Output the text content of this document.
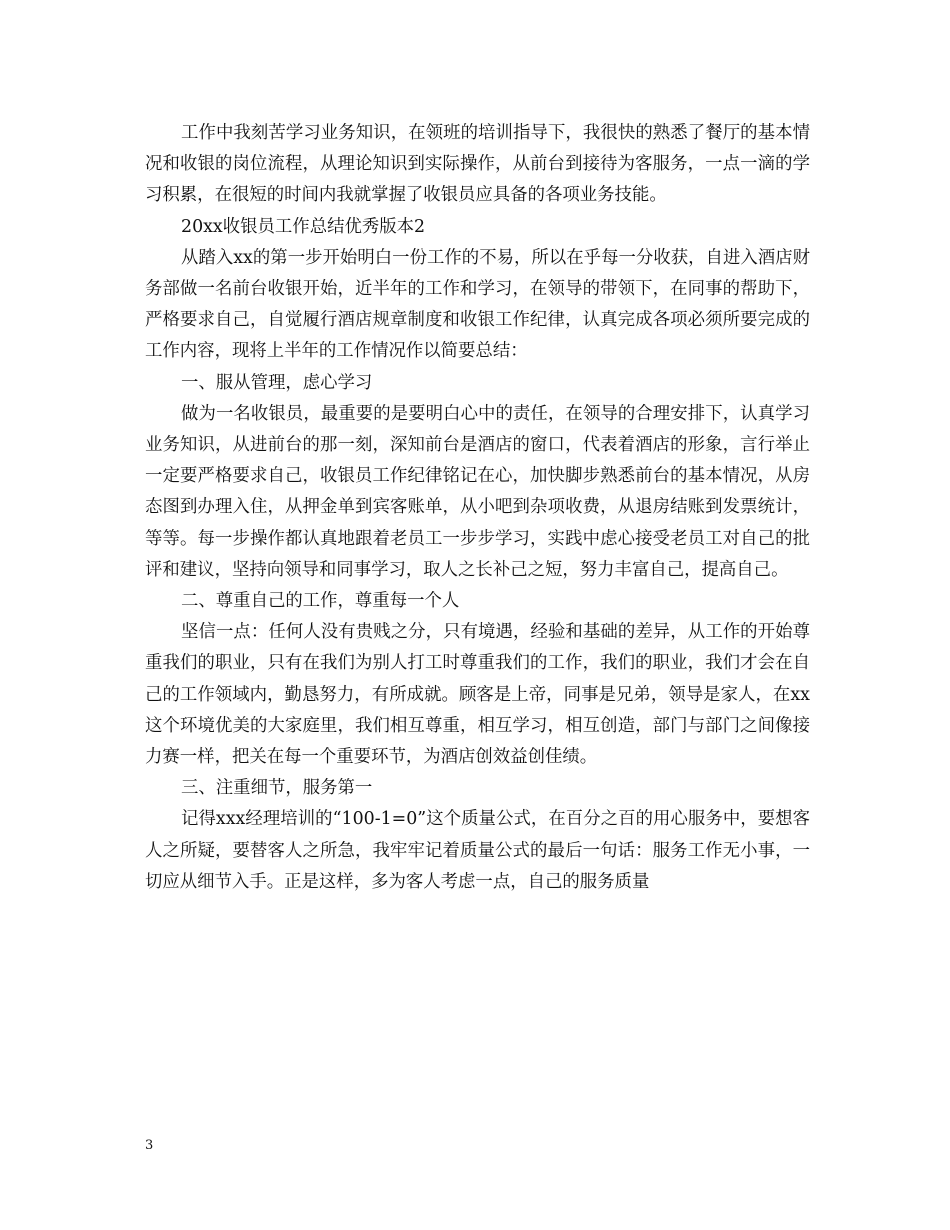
工作中我刻苦学习业务知识，在领班的培训指导下，我很快的熟悉了餐厅的基本情况和收银的岗位流程，从理论知识到实际操作，从前台到接待为客服务，一点一滴的学习积累，在很短的时间内我就掌握了收银员应具备的各项业务技能。

20xx收银员工作总结优秀版本2

从踏入xx的第一步开始明白一份工作的不易，所以在乎每一分收获，自进入酒店财务部做一名前台收银开始，近半年的工作和学习，在领导的带领下，在同事的帮助下，严格要求自己，自觉履行酒店规章制度和收银工作纪律，认真完成各项必须所要完成的工作内容，现将上半年的工作情况作以简要总结：

一、服从管理，虑心学习

做为一名收银员，最重要的是要明白心中的责任，在领导的合理安排下，认真学习业务知识，从进前台的那一刻，深知前台是酒店的窗口，代表着酒店的形象，言行举止一定要严格要求自己，收银员工作纪律铭记在心，加快脚步熟悉前台的基本情况，从房态图到办理入住，从押金单到宾客账单，从小吧到杂项收费，从退房结账到发票统计，等等。每一步操作都认真地跟着老员工一步步学习，实践中虑心接受老员工对自己的批评和建议，坚持向领导和同事学习，取人之长补己之短，努力丰富自己，提高自己。

二、尊重自己的工作，尊重每一个人

坚信一点：任何人没有贵贱之分，只有境遇，经验和基础的差异，从工作的开始尊重我们的职业，只有在我们为别人打工时尊重我们的工作，我们的职业，我们才会在自己的工作领域内，勤恳努力，有所成就。顾客是上帝，同事是兄弟，领导是家人，在xx这个环境优美的大家庭里，我们相互尊重，相互学习，相互创造，部门与部门之间像接力赛一样，把关在每一个重要环节，为酒店创效益创佳绩。

三、注重细节，服务第一

记得xxx经理培训的“100-1=0”这个质量公式，在百分之百的用心服务中，要想客人之所疑，要替客人之所急，我牢牢记着质量公式的最后一句话：服务工作无小事，一切应从细节入手。正是这样，多为客人考虑一点，自己的服务质量

3
